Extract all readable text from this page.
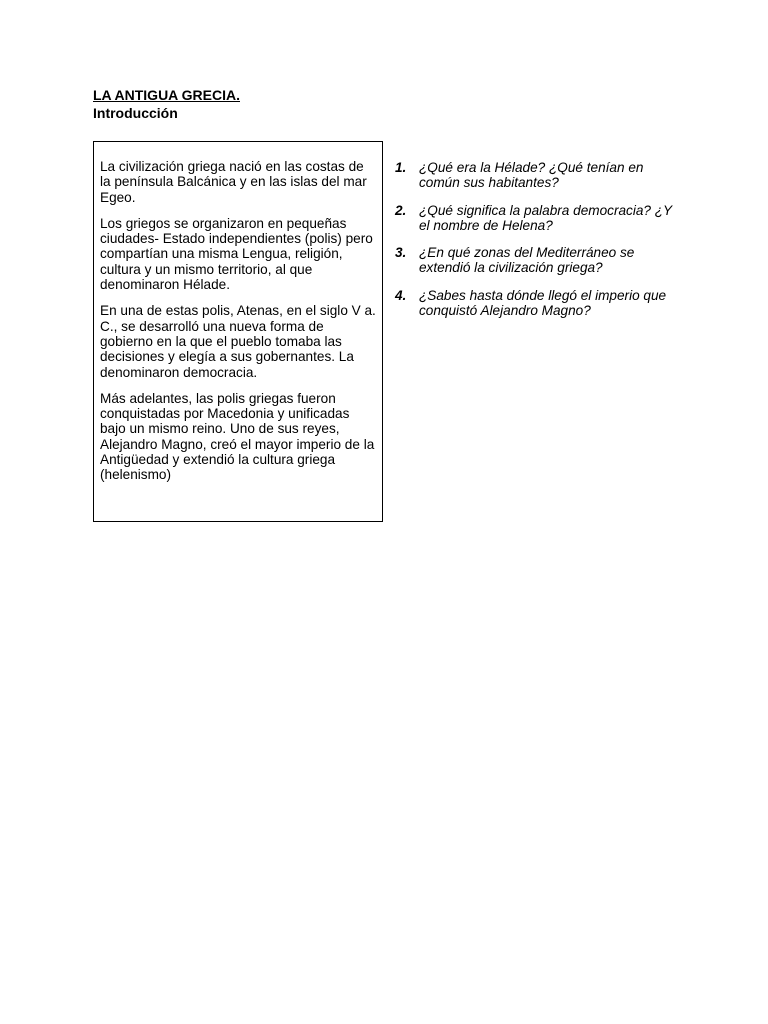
LA ANTIGUA GRECIA.
Introducción

La civilización griega nació en las costas de la península Balcánica y en las islas del mar Egeo.

Los griegos se organizaron en pequeñas ciudades- Estado independientes (polis) pero compartían una misma Lengua, religión, cultura y un mismo territorio, al que denominaron Hélade.

En una de estas polis, Atenas, en el siglo V a. C., se desarrolló una nueva forma de gobierno en la que el pueblo tomaba las decisiones y elegía a sus gobernantes. La denominaron democracia.

Más adelantes, las polis griegas fueron conquistadas por Macedonia y unificadas bajo un mismo reino. Uno de sus reyes, Alejandro Magno, creó el mayor imperio de la Antigüedad y extendió la cultura griega (helenismo)

1. ¿Qué era la Hélade? ¿Qué tenían en común sus habitantes?
2. ¿Qué significa la palabra democracia? ¿Y el nombre de Helena?
3. ¿En qué zonas del Mediterráneo se extendió la civilización griega?
4. ¿Sabes hasta dónde llegó el imperio que conquistó Alejandro Magno?
